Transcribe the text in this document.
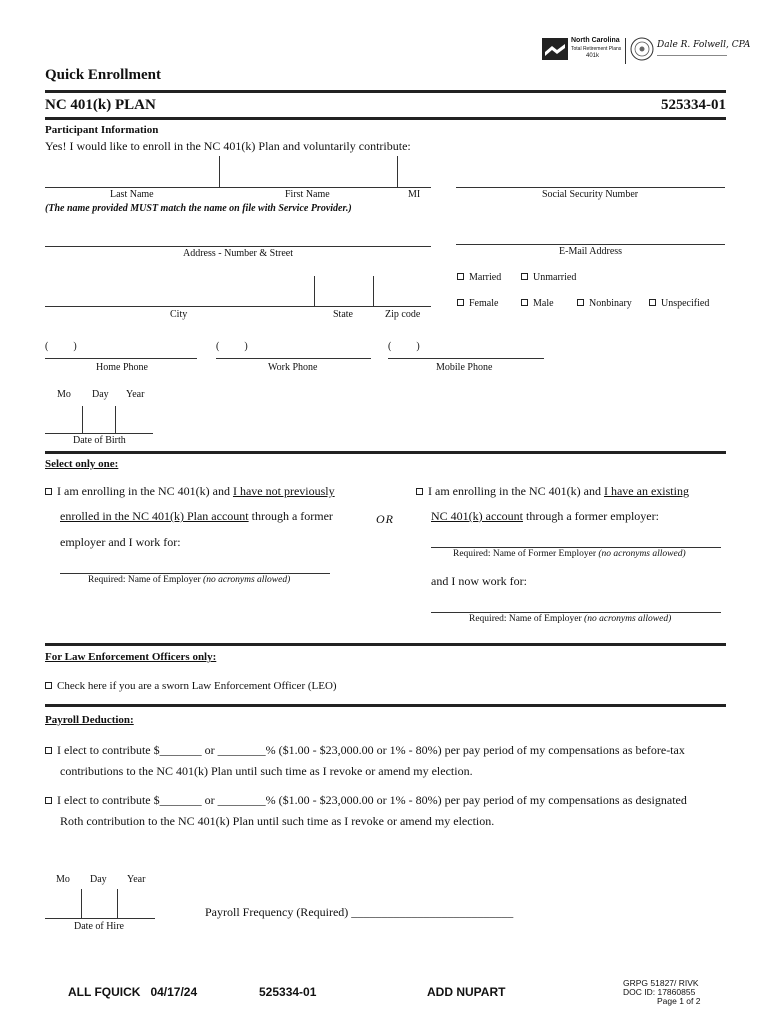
North Carolina
Total Retirement Plans
401k
Dale R. Folwell, CPA
Quick Enrollment
NC 401(k) PLAN	525334-01
Participant Information
Yes! I would like to enroll in the NC 401(k) Plan and voluntarily contribute:
Last Name	First Name	MI	Social Security Number
(The name provided MUST match the name on file with Service Provider.)
Address - Number & Street	E-Mail Address
Married	Unmarried
City	State	Zip code
Female	Male	Nonbinary	Unspecified
(          )	(          )	(          )
Home Phone	Work Phone	Mobile Phone
Mo Day Year
Date of Birth
Select only one:
I am enrolling in the NC 401(k) and I have not previously
enrolled in the NC 401(k) Plan account through a former
employer and I work for:
Required: Name of Employer (no acronyms allowed)
OR
I am enrolling in the NC 401(k) and I have an existing
NC 401(k) account through a former employer:
Required: Name of Former Employer (no acronyms allowed)
and I now work for:
Required: Name of Employer (no acronyms allowed)
For Law Enforcement Officers only:
Check here if you are a sworn Law Enforcement Officer (LEO)
Payroll Deduction:
I elect to contribute $_______ or ________% ($1.00 - $23,000.00 or 1% - 80%) per pay period of my compensations as before-tax
contributions to the NC 401(k) Plan until such time as I revoke or amend my election.
I elect to contribute $_______ or ________% ($1.00 - $23,000.00 or 1% - 80%) per pay period of my compensations as designated
Roth contribution to the NC 401(k) Plan until such time as I revoke or amend my election.
Mo Day Year
Date of Hire
Payroll Frequency (Required) ___________________________
ALL FQUICK   04/17/24	525334-01	ADD NUPART
GRPG 51827/ RIVK
DOC ID: 17860855
Page 1 of 2
